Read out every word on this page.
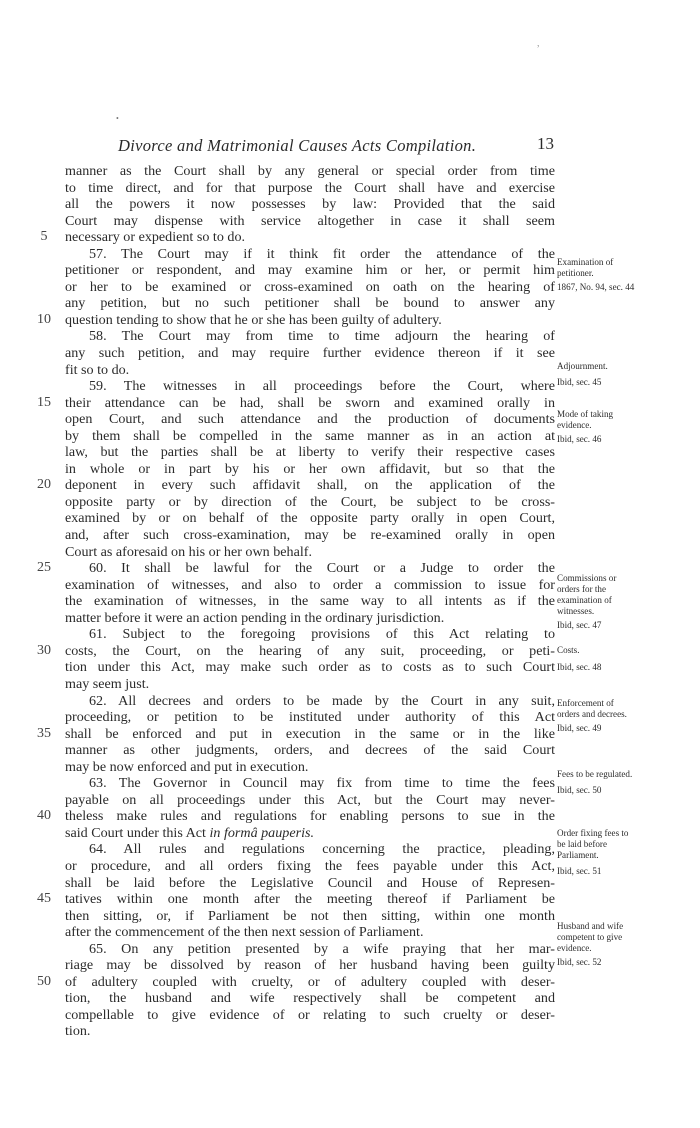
,
•
Divorce and Matrimonial Causes Acts Compilation.	13
manner as the Court shall by any general or special order from time
to time direct, and for that purpose the Court shall have and exercise
all the powers it now possesses by law: Provided that the said
Court may dispense with service altogether in case it shall seem
5	necessary or expedient so to do.
57. The Court may if it think fit order the attendance of the
petitioner or respondent, and may examine him or her, or permit him
or her to be examined or cross-examined on oath on the hearing of
any petition, but no such petitioner shall be bound to answer any
10 question tending to show that he or she has been guilty of adultery.
58. The Court may from time to time adjourn the hearing of
any such petition, and may require further evidence thereon if it see
fit so to do.
59. The witnesses in all proceedings before the Court, where
15 their attendance can be had, shall be sworn and examined orally in
open Court, and such attendance and the production of documents
by them shall be compelled in the same manner as in an action at
law, but the parties shall be at liberty to verify their respective cases
in whole or in part by his or her own affidavit, but so that the
20 deponent in every such affidavit shall, on the application of the
opposite party or by direction of the Court, be subject to be cross-
examined by or on behalf of the opposite party orally in open Court,
and, after such cross-examination, may be re-examined orally in open
Court as aforesaid on his or her own behalf.
25	60. It shall be lawful for the Court or a Judge to order the
examination of witnesses, and also to order a commission to issue for
the examination of witnesses, in the same way to all intents as if the
matter before it were an action pending in the ordinary jurisdiction.
61. Subject to the foregoing provisions of this Act relating to
30 costs, the Court, on the hearing of any suit, proceeding, or peti-
tion under this Act, may make such order as to costs as to such Court
may seem just.
62. All decrees and orders to be made by the Court in any suit,
proceeding, or petition to be instituted under authority of this Act
35 shall be enforced and put in execution in the same or in the like
manner as other judgments, orders, and decrees of the said Court
may be now enforced and put in execution.
63. The Governor in Council may fix from time to time the fees
payable on all proceedings under this Act, but the Court may never-
40 theless make rules and regulations for enabling persons to sue in the
said Court under this Act in formâ pauperis.
64. All rules and regulations concerning the practice, pleading,
or procedure, and all orders fixing the fees payable under this Act,
shall be laid before the Legislative Council and House of Represen-
45 tatives within one month after the meeting thereof if Parliament be
then sitting, or, if Parliament be not then sitting, within one month
after the commencement of the then next session of Parliament.
65. On any petition presented by a wife praying that her mar-
riage may be dissolved by reason of her husband having been guilty
50 of adultery coupled with cruelty, or of adultery coupled with deser-
tion, the husband and wife respectively shall be competent and
compellable to give evidence of or relating to such cruelty or deser-
tion.
Examination of
petitioner.
1867, No. 94, sec. 44
Adjournment.
Ibid, sec. 45
Mode of taking
evidence.
Ibid, sec. 46
Commissions or
orders for the
examination of
witnesses.
Ibid, sec. 47
Costs.
Ibid, sec. 48
Enforcement of
orders and decrees.
Ibid, sec. 49
Fees to be regulated.
Ibid, sec. 50
Order fixing fees to
be laid before
Parliament.
Ibid, sec. 51
Husband and wife
competent to give
evidence.
Ibid, sec. 52
